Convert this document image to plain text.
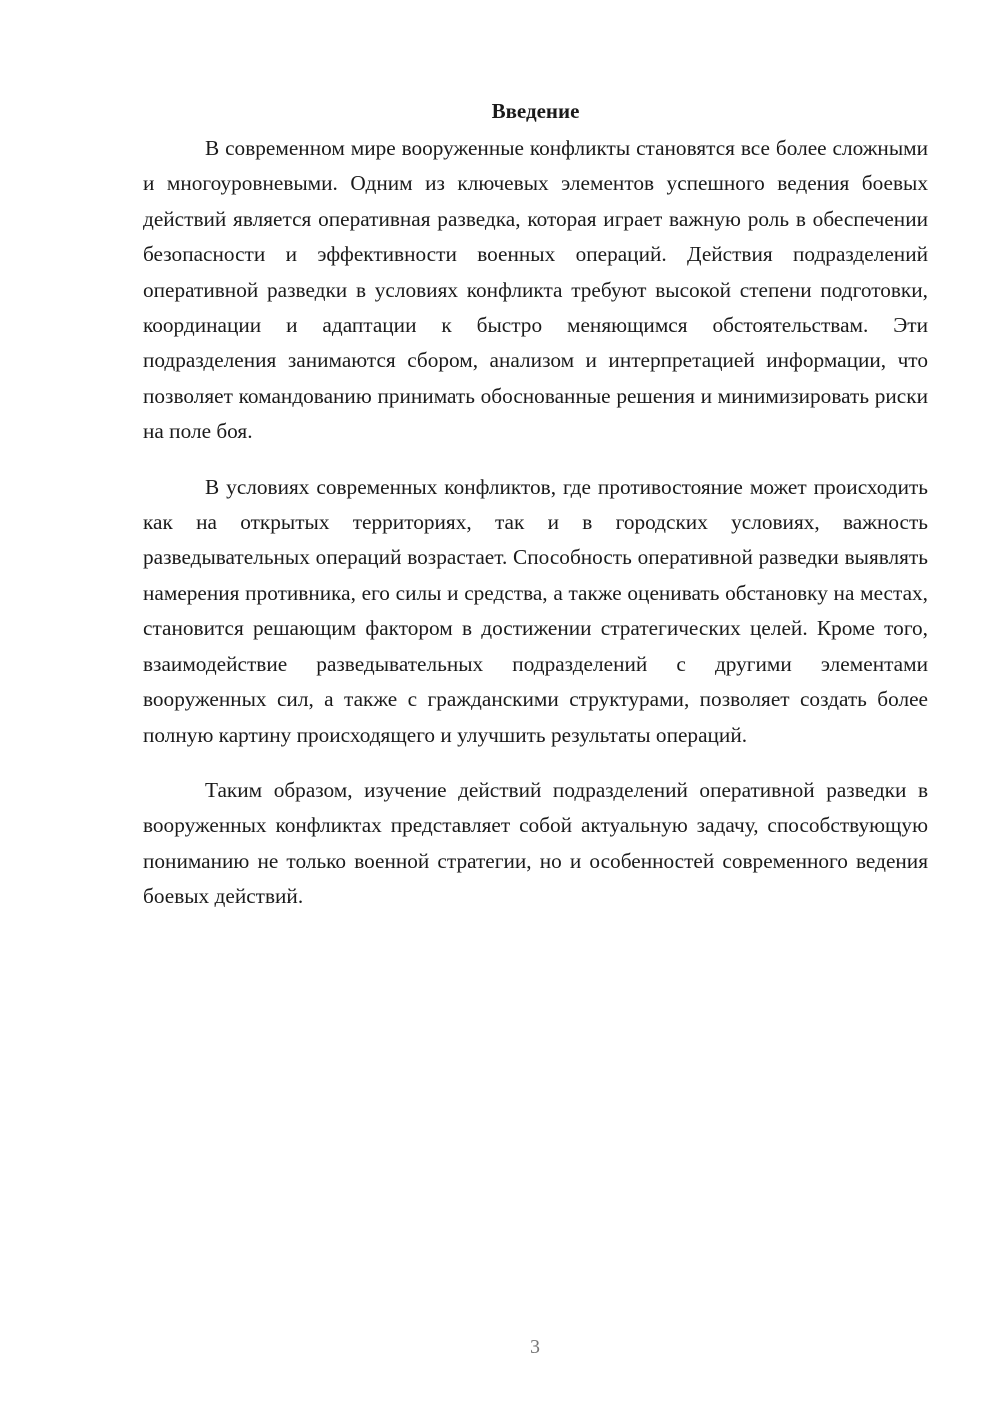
Введение

В современном мире вооруженные конфликты становятся все более сложными и многоуровневыми. Одним из ключевых элементов успешного ведения боевых действий является оперативная разведка, которая играет важную роль в обеспечении безопасности и эффективности военных операций. Действия подразделений оперативной разведки в условиях конфликта требуют высокой степени подготовки, координации и адаптации к быстро меняющимся обстоятельствам. Эти подразделения занимаются сбором, анализом и интерпретацией информации, что позволяет командованию принимать обоснованные решения и минимизировать риски на поле боя.

В условиях современных конфликтов, где противостояние может происходить как на открытых территориях, так и в городских условиях, важность разведывательных операций возрастает. Способность оперативной разведки выявлять намерения противника, его силы и средства, а также оценивать обстановку на местах, становится решающим фактором в достижении стратегических целей. Кроме того, взаимодействие разведывательных подразделений с другими элементами вооруженных сил, а также с гражданскими структурами, позволяет создать более полную картину происходящего и улучшить результаты операций.

Таким образом, изучение действий подразделений оперативной разведки в вооруженных конфликтах представляет собой актуальную задачу, способствующую пониманию не только военной стратегии, но и особенностей современного ведения боевых действий.

3
